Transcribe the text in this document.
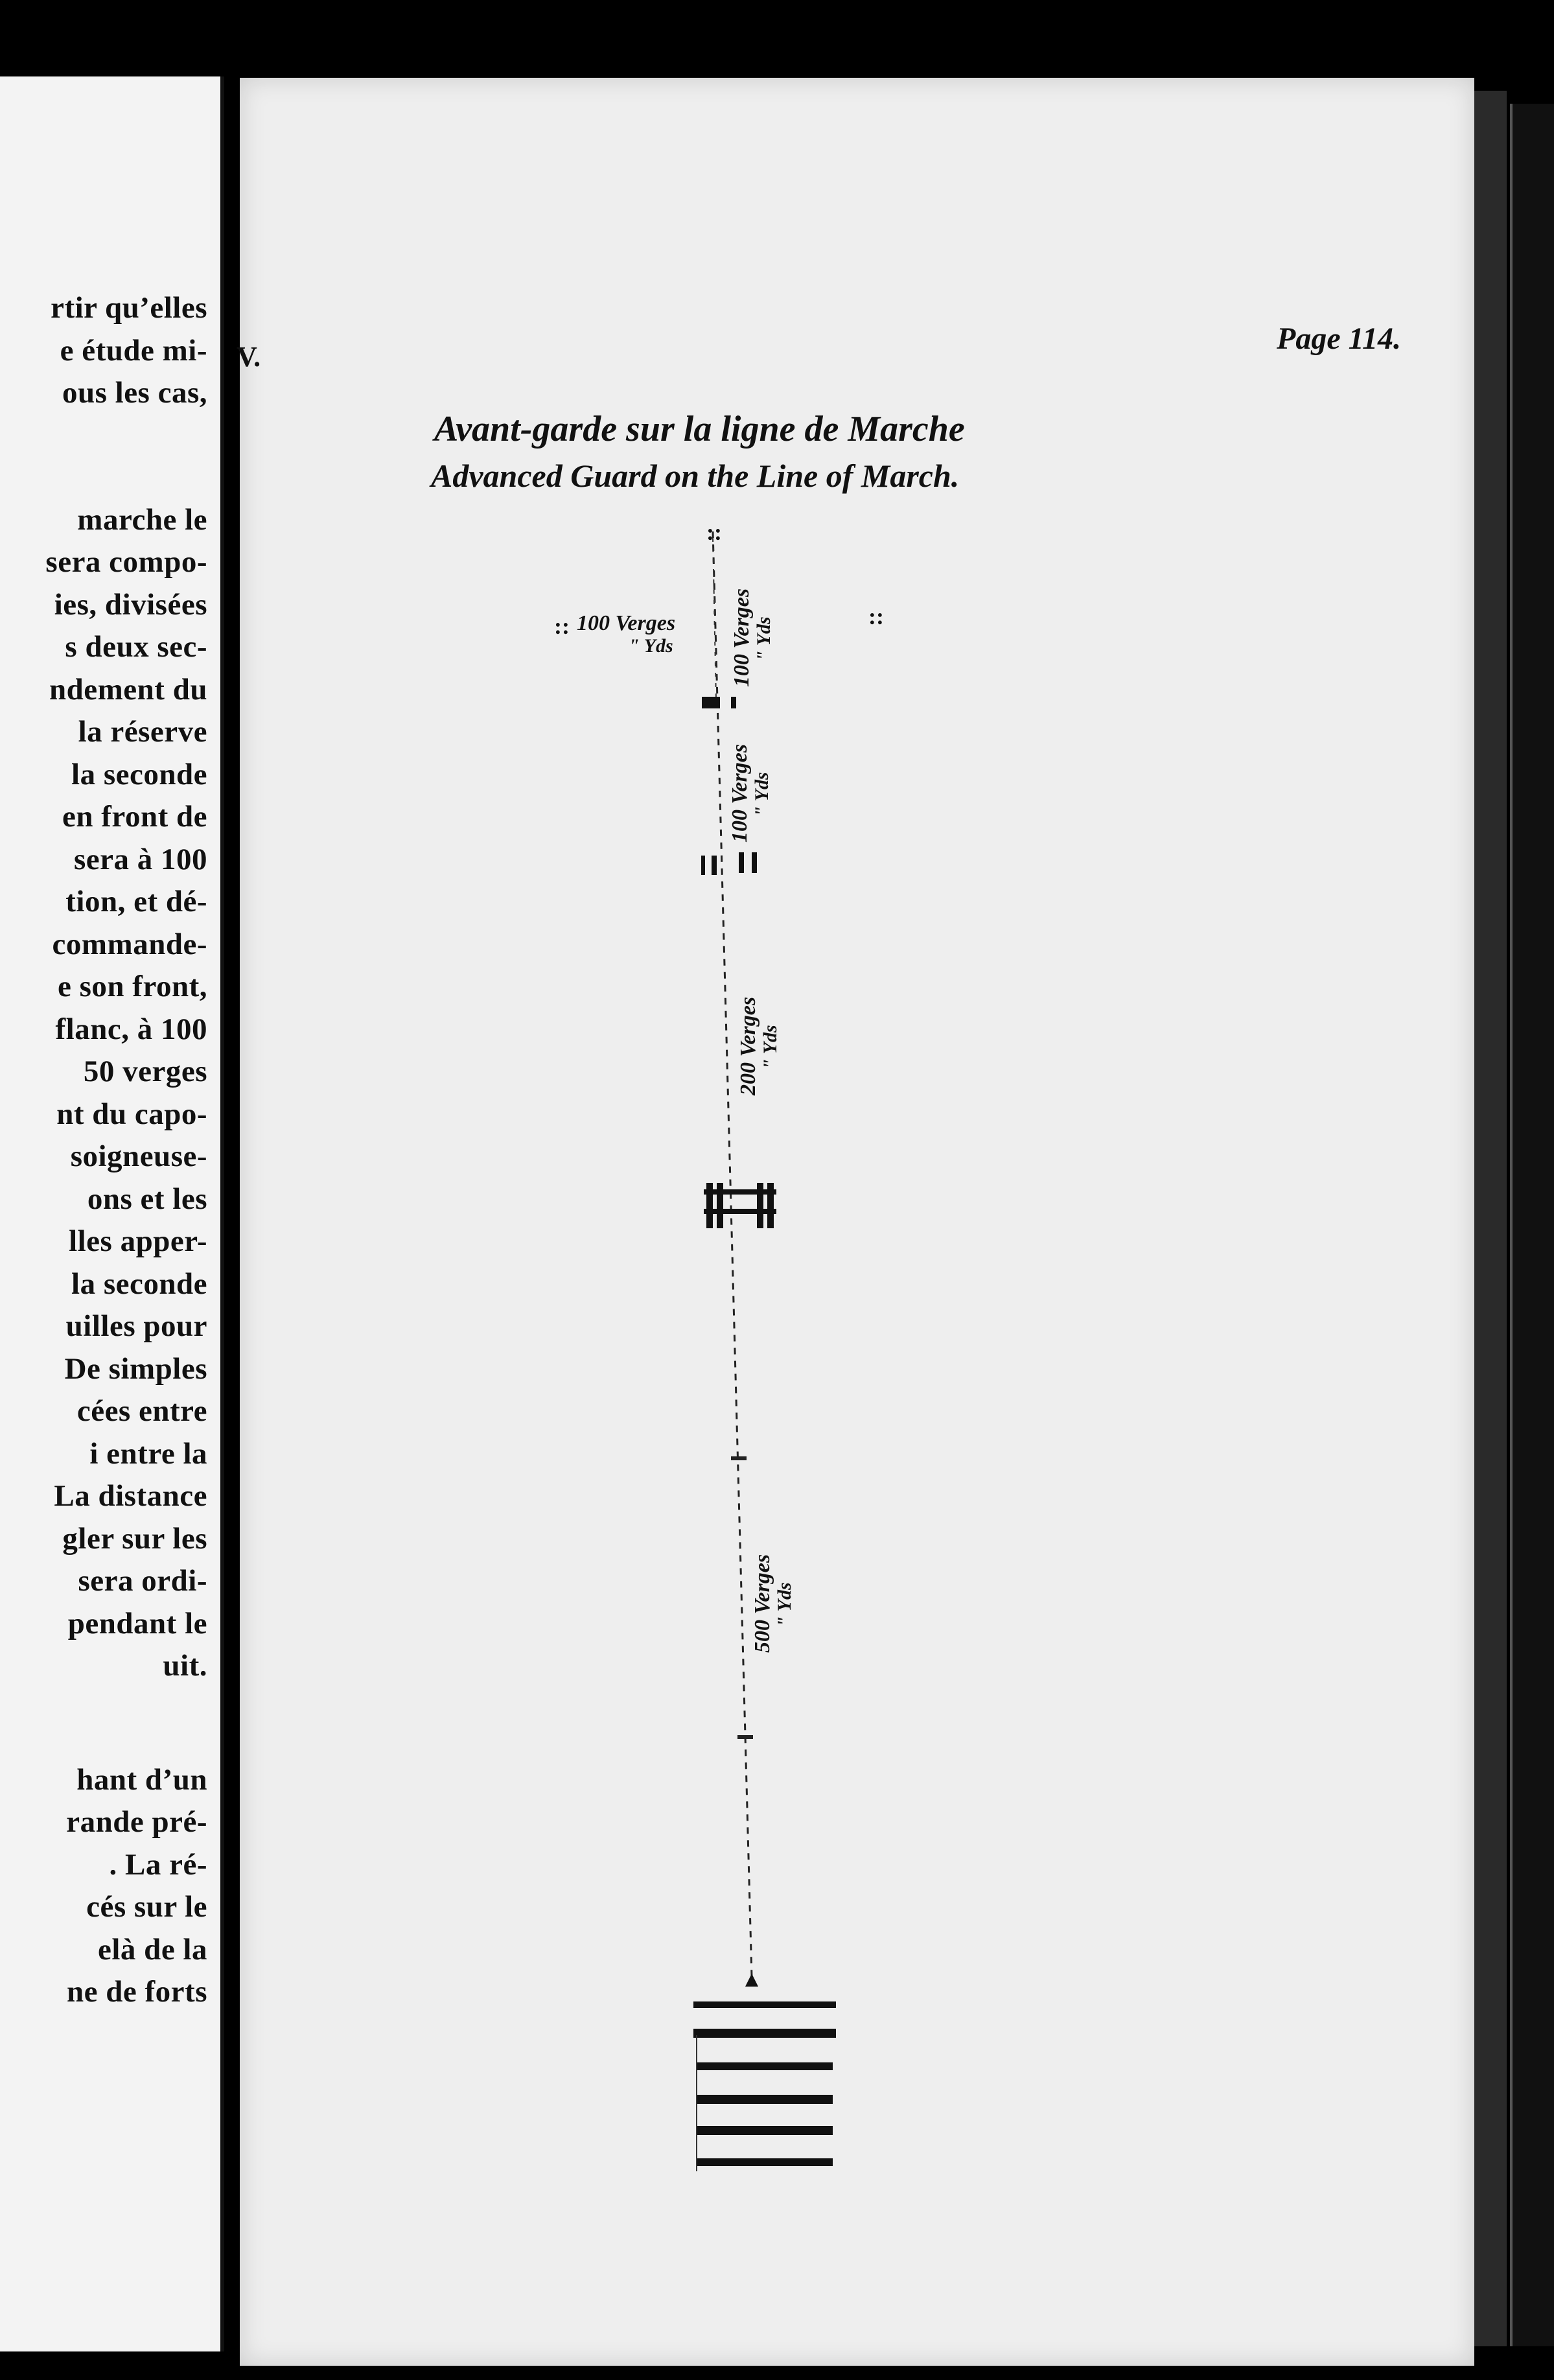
rtir qu’elles
e étude mi-
ous les cas,
marche le
sera compo-
ies, divisées
s deux sec-
ndement du
la réserve
la seconde
en front de
sera à 100
tion, et dé-
commande-
e son front,
flanc, à 100
50 verges
nt du capo-
soigneuse-
ons et les
lles apper-
la seconde
uilles pour
De simples
cées entre
i entre la
La distance
gler sur les
sera ordi-
pendant le
uit.
hant d’un
rande pré-
. La ré-
cés sur le
elà de la
ne de forts

V.
Page 114.
Avant-garde sur la ligne de Marche
Advanced Guard on the Line of March.
::	::
::
100 Verges
" Yds	100 Verges " Yds
100 Verges " Yds
200 Verges " Yds
500 Verges " Yds
